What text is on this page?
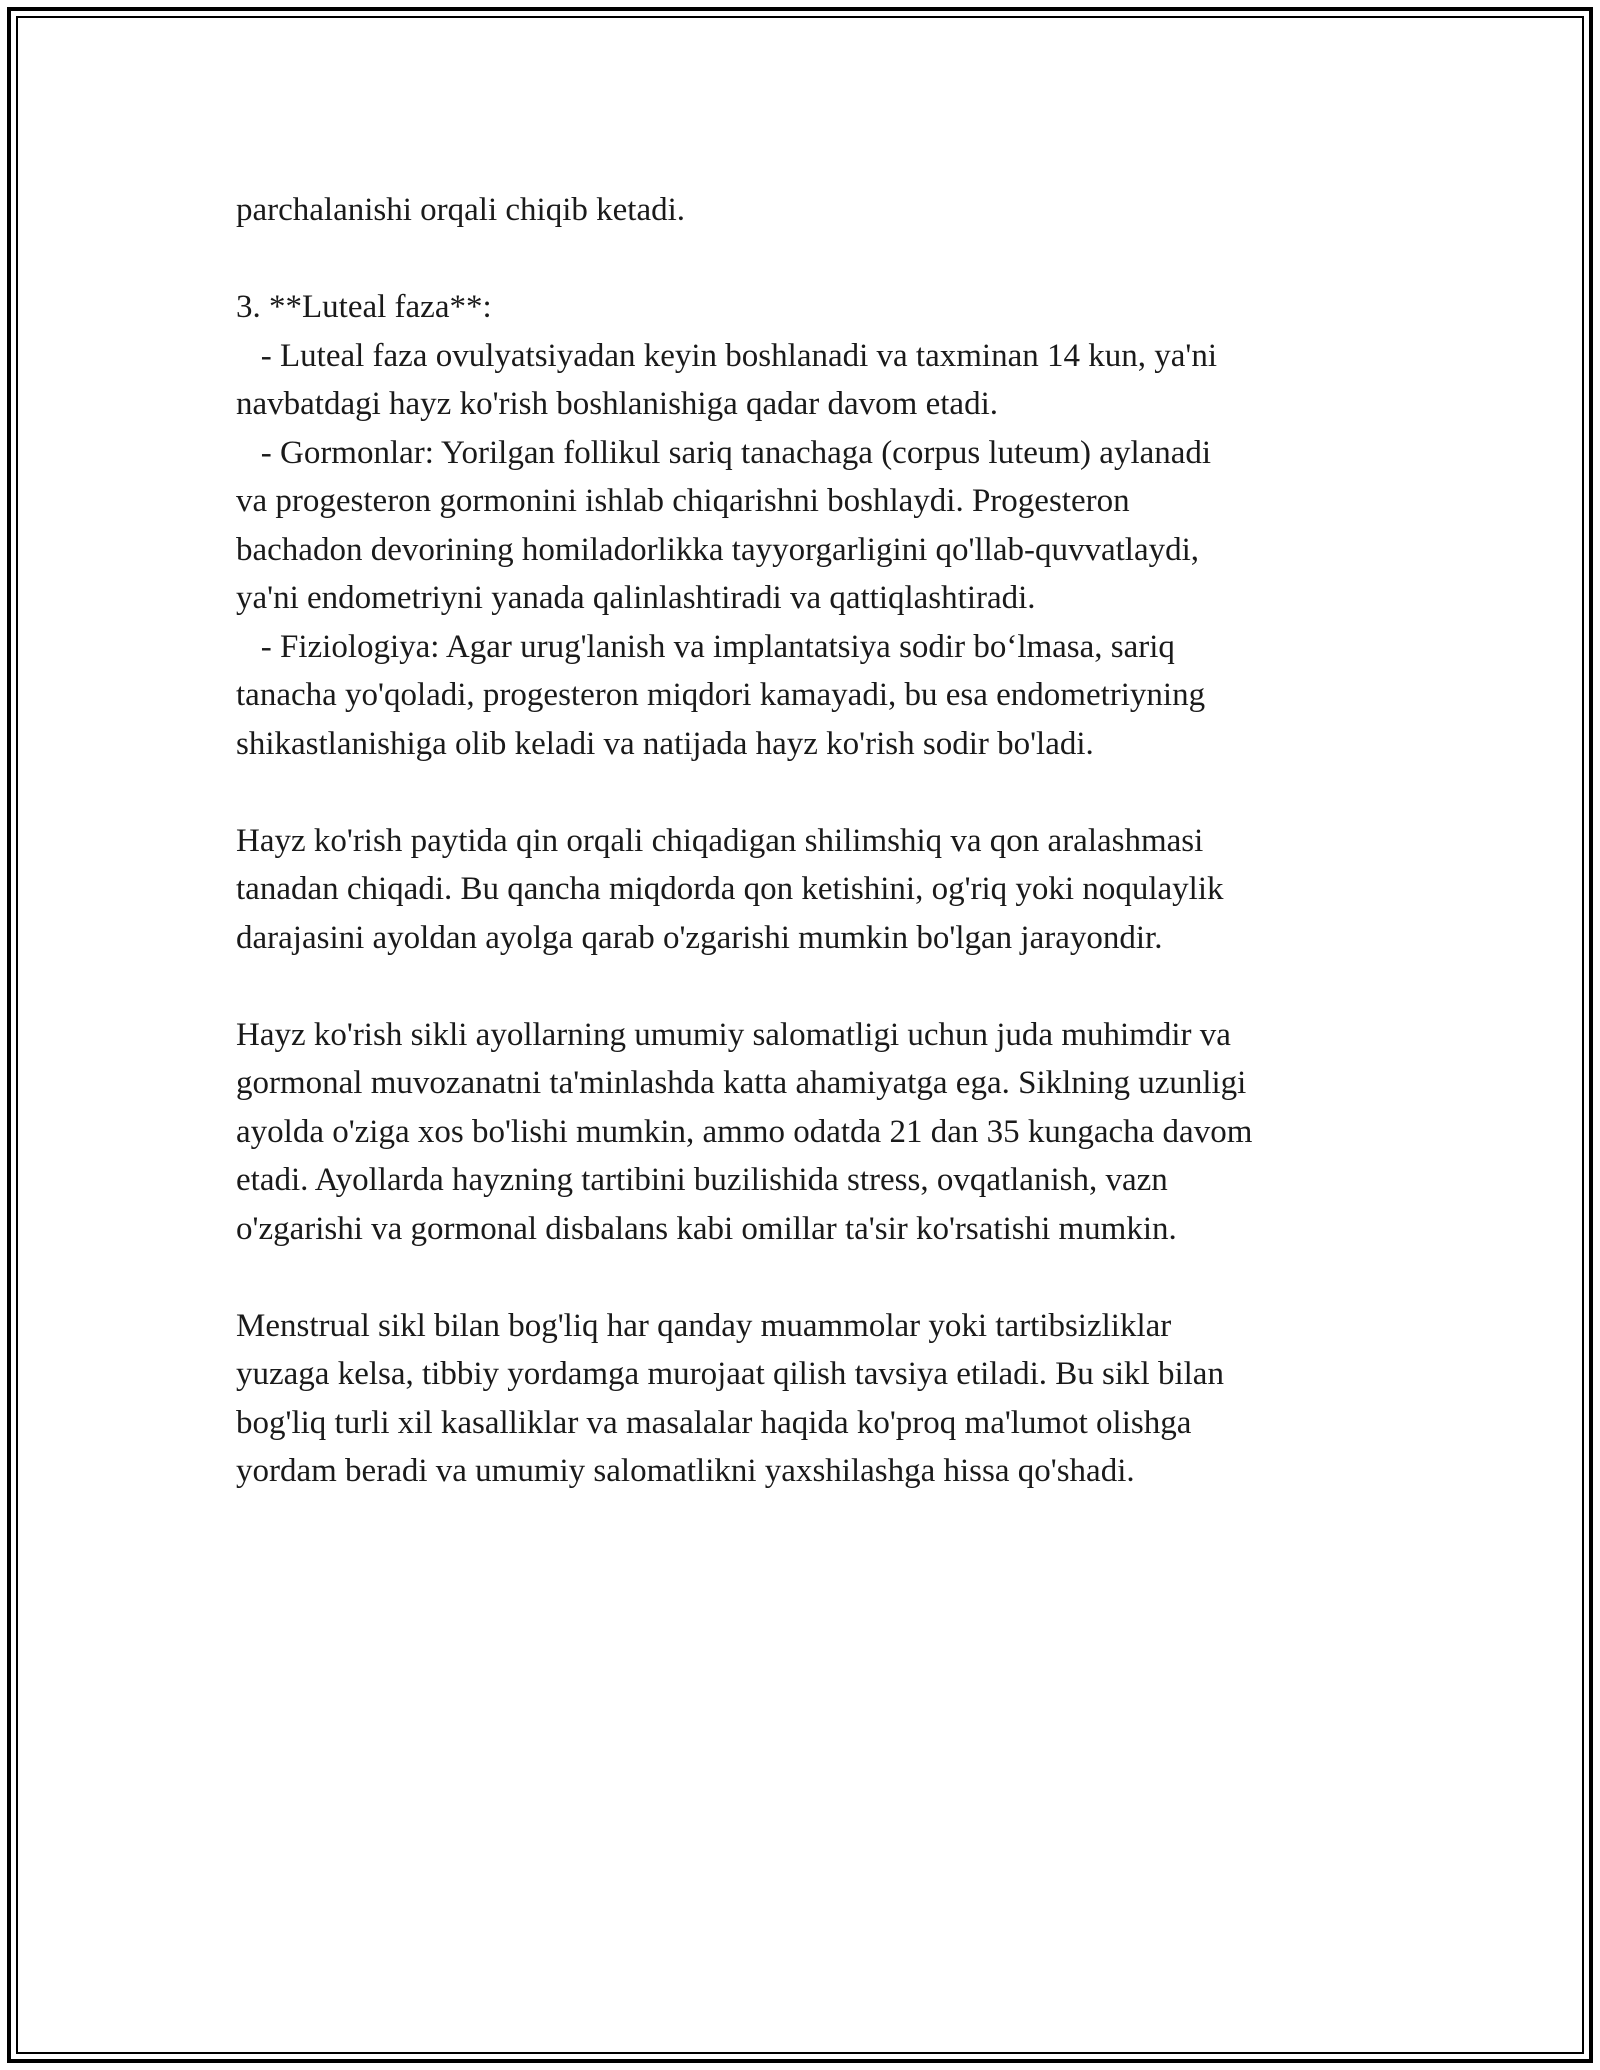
parchalanishi orqali chiqib ketadi.
3. **Luteal faza**:
- Luteal faza ovulyatsiyadan keyin boshlanadi va taxminan 14 kun, ya'ni
navbatdagi hayz ko'rish boshlanishiga qadar davom etadi.
- Gormonlar: Yorilgan follikul sariq tanachaga (corpus luteum) aylanadi
va progesteron gormonini ishlab chiqarishni boshlaydi. Progesteron
bachadon devorining homiladorlikka tayyorgarligini qo'llab-quvvatlaydi,
ya'ni endometriyni yanada qalinlashtiradi va qattiqlashtiradi.
- Fiziologiya: Agar urug'lanish va implantatsiya sodir bo‘lmasa, sariq
tanacha yo'qoladi, progesteron miqdori kamayadi, bu esa endometriyning
shikastlanishiga olib keladi va natijada hayz ko'rish sodir bo'ladi.
Hayz ko'rish paytida qin orqali chiqadigan shilimshiq va qon aralashmasi
tanadan chiqadi. Bu qancha miqdorda qon ketishini, og'riq yoki noqulaylik
darajasini ayoldan ayolga qarab o'zgarishi mumkin bo'lgan jarayondir.
Hayz ko'rish sikli ayollarning umumiy salomatligi uchun juda muhimdir va
gormonal muvozanatni ta'minlashda katta ahamiyatga ega. Siklning uzunligi
ayolda o'ziga xos bo'lishi mumkin, ammo odatda 21 dan 35 kungacha davom
etadi. Ayollarda hayzning tartibini buzilishida stress, ovqatlanish, vazn
o'zgarishi va gormonal disbalans kabi omillar ta'sir ko'rsatishi mumkin.
Menstrual sikl bilan bog'liq har qanday muammolar yoki tartibsizliklar
yuzaga kelsa, tibbiy yordamga murojaat qilish tavsiya etiladi. Bu sikl bilan
bog'liq turli xil kasalliklar va masalalar haqida ko'proq ma'lumot olishga
yordam beradi va umumiy salomatlikni yaxshilashga hissa qo'shadi.
